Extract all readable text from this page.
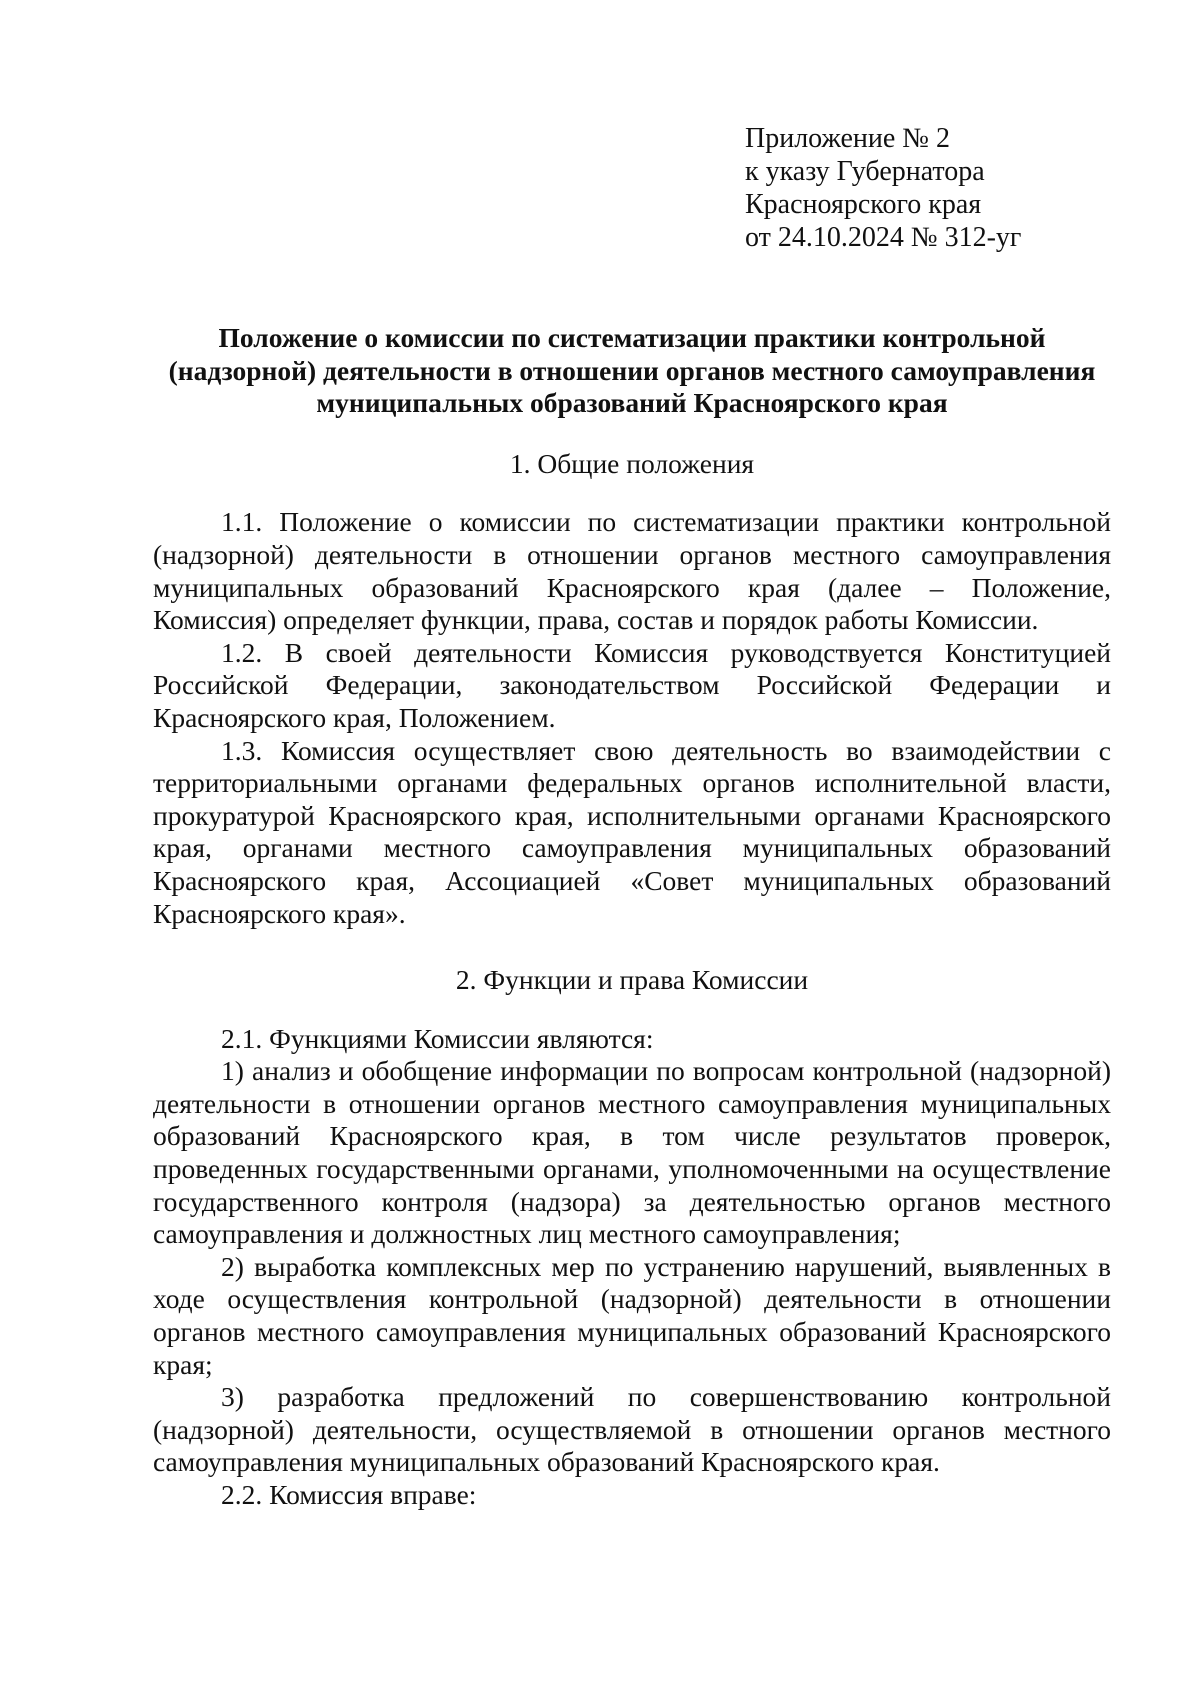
Приложение № 2
к указу Губернатора
Красноярского края
от 24.10.2024 № 312-уг
Положение о комиссии по систематизации практики контрольной
(надзорной) деятельности в отношении органов местного самоуправления
муниципальных образований Красноярского края
1. Общие положения

1.1. Положение о комиссии по систематизации практики контрольной (надзорной) деятельности в отношении органов местного самоуправления муниципальных образований Красноярского края (далее – Положение, Комиссия) определяет функции, права, состав и порядок работы Комиссии.

1.2. В своей деятельности Комиссия руководствуется Конституцией Российской Федерации, законодательством Российской Федерации и Красноярского края, Положением.

1.3. Комиссия осуществляет свою деятельность во взаимодействии с территориальными органами федеральных органов исполнительной власти, прокуратурой Красноярского края, исполнительными органами Красноярского края, органами местного самоуправления муниципальных образований Красноярского края, Ассоциацией «Совет муниципальных образований Красноярского края».

2. Функции и права Комиссии

2.1. Функциями Комиссии являются:

1) анализ и обобщение информации по вопросам контрольной (надзорной) деятельности в отношении органов местного самоуправления муниципальных образований Красноярского края, в том числе результатов проверок, проведенных государственными органами, уполномоченными на осуществление государственного контроля (надзора) за деятельностью органов местного самоуправления и должностных лиц местного самоуправления;

2) выработка комплексных мер по устранению нарушений, выявленных в ходе осуществления контрольной (надзорной) деятельности в отношении органов местного самоуправления муниципальных образований Красноярского края;

3) разработка предложений по совершенствованию контрольной (надзорной) деятельности, осуществляемой в отношении органов местного самоуправления муниципальных образований Красноярского края.

2.2. Комиссия вправе:
